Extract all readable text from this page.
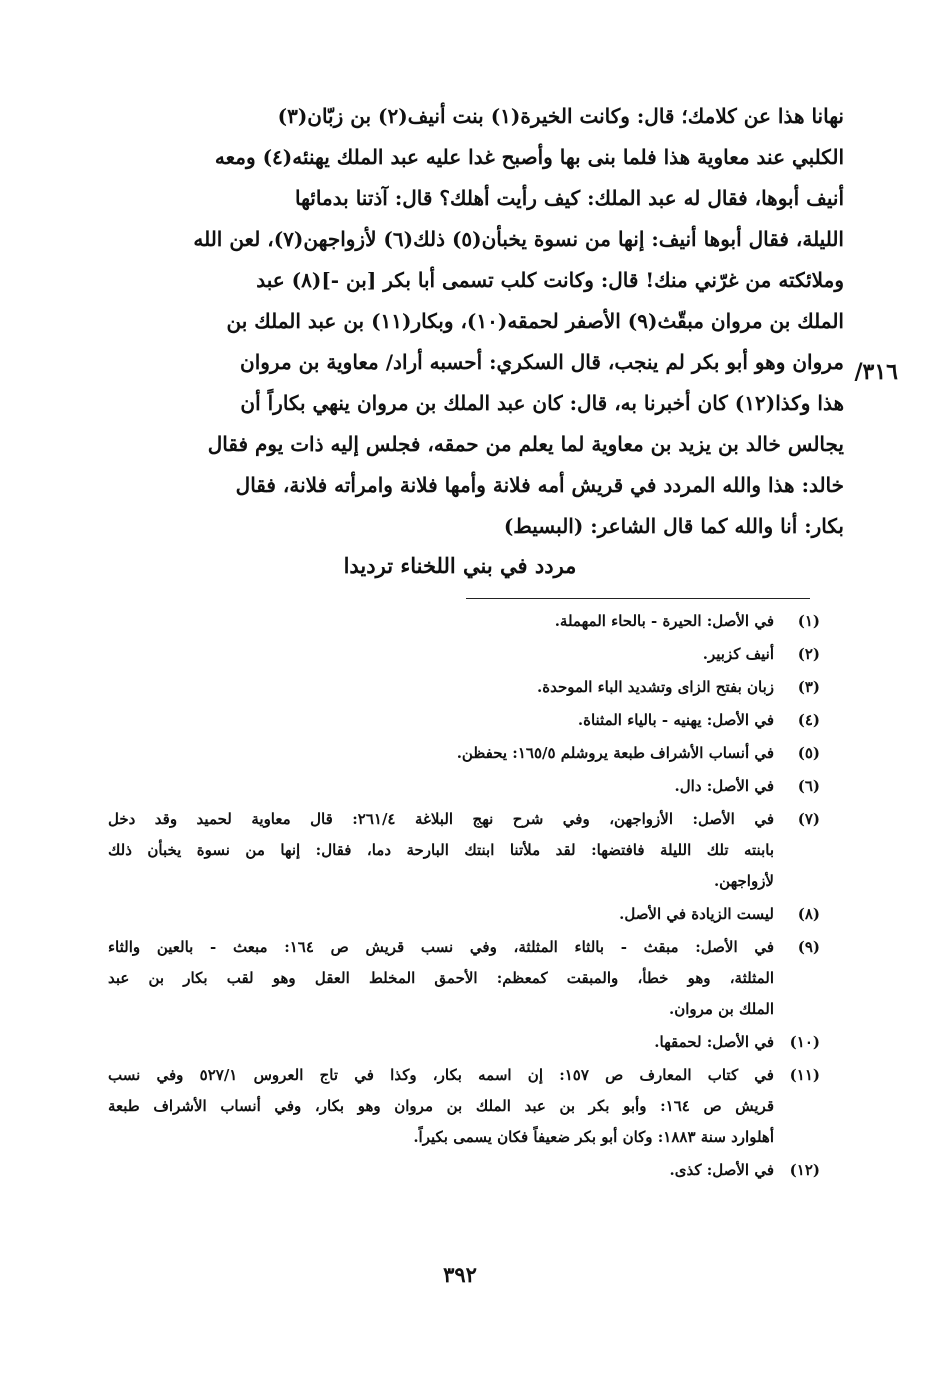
نهانا هذا عن كلامك؛ قال: وكانت الخيرة(١) بنت أنيف(٢) بن زبّان(٣)
الكلبي عند معاوية هذا فلما بنى بها وأصبح غدا عليه عبد الملك يهنئه(٤) ومعه
أنيف أبوها، فقال له عبد الملك: كيف رأيت أهلك؟ قال: آذتنا بدمائها
الليلة، فقال أبوها أنيف: إنها من نسوة يخبأن(٥) ذلك(٦) لأزواجهن(٧)، لعن الله
وملائكته من غرّني منك! قال: وكانت كلب تسمى أبا بكر [بن -](٨) عبد
الملك بن مروان مبقّث(٩) الأصفر لحمقه(١٠)، وبكار(١١) بن عبد الملك بن
مروان وهو أبو بكر لم ينجب، قال السكري: أحسبه أراد/ معاوية بن مروان
هذا وكذا(١٢) كان أخبرنا به، قال: كان عبد الملك بن مروان ينهي بكاراً أن
يجالس خالد بن يزيد بن معاوية لما يعلم من حمقه، فجلس إليه ذات يوم فقال
خالد: هذا والله المردد في قريش أمه فلانة وأمها فلانة وامرأته فلانة، فقال
بكار: أنا والله كما قال الشاعر: (البسيط)
٣١٦/
مردد في بني اللخناء ترديدا
(١)
في الأصل: الحيرة - بالحاء المهملة.
(٢)
أنيف كزبير.
(٣)
زبان بفتح الزاى وتشديد الباء الموحدة.
(٤)
في الأصل: يهنيه - بالياء المثناة.
(٥)
في أنساب الأشراف طبعة يروشلم ١٦٥/٥: يحفظن.
(٦)
في الأصل: دال.
(٧)
في الأصل: الأزواجهن، وفي شرح نهج البلاغة ٢٦١/٤: قال معاوية لحميد وقد دخل
بابنته تلك الليلة فافتضها: لقد ملأتنا ابنتك البارحة دما، فقال: إنها من نسوة يخبأن ذلك
لأزواجهن.
(٨)
ليست الزيادة في الأصل.
(٩)
في الأصل: مبقث - بالثاء المثلثة، وفي نسب قريش ص ١٦٤: مبعث - بالعين والثاء
المثلثة، وهو خطأ، والمبقت كمعظم: الأحمق المخلط العقل وهو لقب بكار بن عبد
الملك بن مروان.
(١٠)
في الأصل: لحمقها.
(١١)
في كتاب المعارف ص ١٥٧: إن اسمه بكار، وكذا في تاج العروس ٥٢٧/١ وفي نسب
قريش ص ١٦٤: وأبو بكر بن عبد الملك بن مروان وهو بكار، وفي أنساب الأشراف طبعة
أهلوارد سنة ١٨٨٣: وكان أبو بكر ضعيفاً فكان يسمى بكيراً.
(١٢)
في الأصل: كذى.
٣٩٢
